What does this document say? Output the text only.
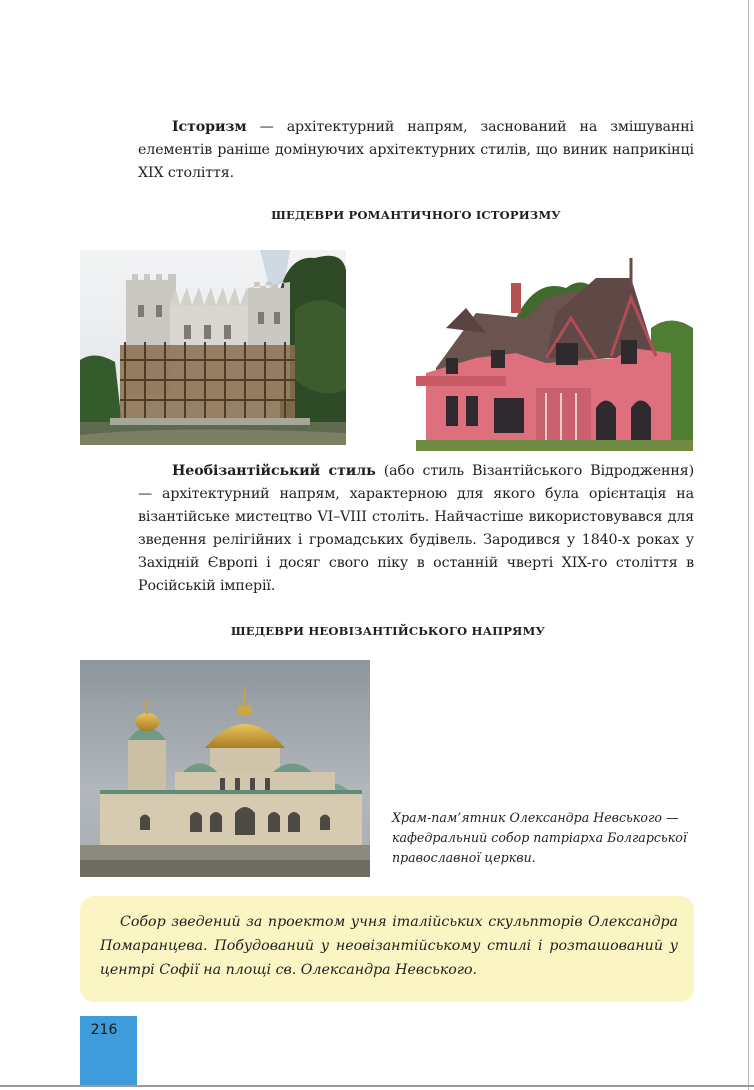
Історизм — архітектурний напрям, заснований на змішуванні елементів раніше домінуючих архітектурних стилів, що виник наприкінці XIX століття.

ШЕДЕВРИ РОМАНТИЧНОГО ІСТОРИЗМУ

Необізантійський стиль (або стиль Візантійського Відродження) — архітектурний напрям, характерною для якого була орієнтація на візантійське мистецтво VI–VIII століть. Найчастіше використовувався для зведення релігійних і громадських будівель. Зародився у 1840-х роках у Західній Європі і досяг свого піку в останній чверті XIX-го століття в Російській імперії.

ШЕДЕВРИ НЕОВІЗАНТІЙСЬКОГО НАПРЯМУ

Храм-пам’ятник Олександра Невського — кафедральний собор патріарха Болгарської православної церкви.

Собор зведений за проектом учня італійських скульпторів Олександра Помаранцева. Побудований у неовізантійському стилі і розташований у центрі Софії на площі св. Олександра Невського.

216
